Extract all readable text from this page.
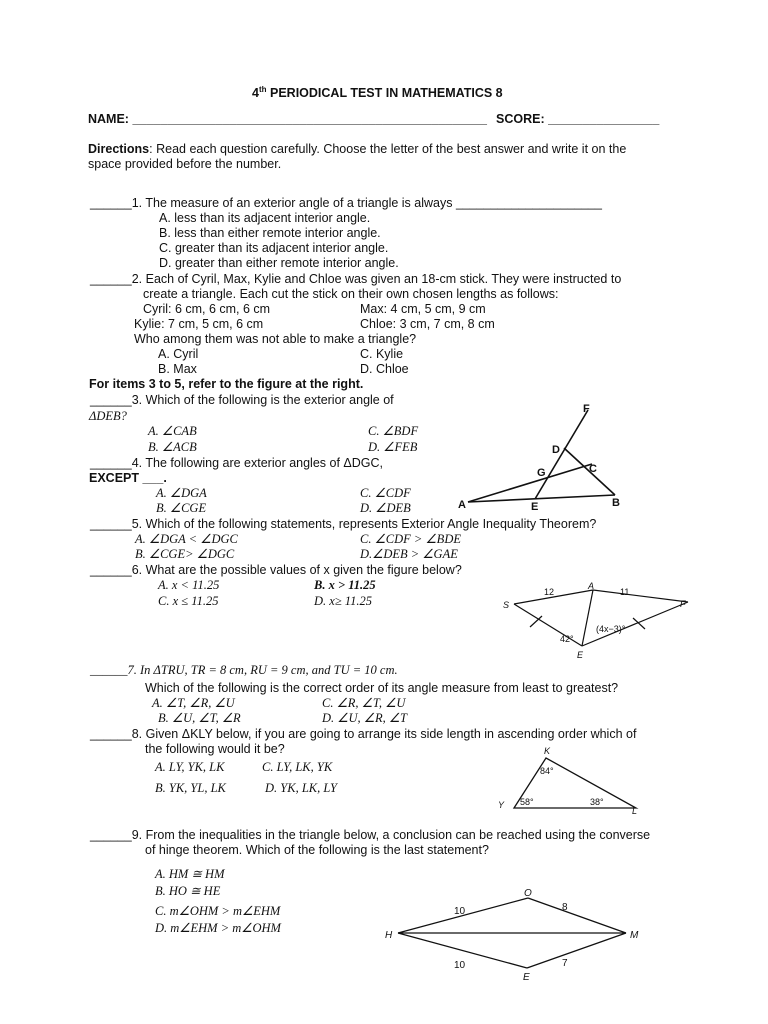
4th PERIODICAL TEST IN MATHEMATICS 8
NAME: ___________________________________________________ SCORE: ________________
Directions: Read each question carefully. Choose the letter of the best answer and write it on the
space provided before the number.
______1. The measure of an exterior angle of a triangle is always _____________________
A. less than its adjacent interior angle.
B. less than either remote interior angle.
C. greater than its adjacent interior angle.
D. greater than either remote interior angle.
______2. Each of Cyril, Max, Kylie and Chloe was given an 18-cm stick. They were instructed to
create a triangle. Each cut the stick on their own chosen lengths as follows:
Cyril: 6 cm, 6 cm, 6 cm	Max: 4 cm, 5 cm, 9 cm
Kylie: 7 cm, 5 cm, 6 cm	Chloe: 3 cm, 7 cm, 8 cm
Who among them was not able to make a triangle?
A. Cyril	C. Kylie
B. Max	D. Chloe
For items 3 to 5, refer to the figure at the right.
______3. Which of the following is the exterior angle of
ΔDEB?
A. ∠CAB	C. ∠BDF
B. ∠ACB	D. ∠FEB
______4. The following are exterior angles of ΔDGC,
EXCEPT ___.
A. ∠DGA	C. ∠CDF
B. ∠CGE	D. ∠DEB
______5. Which of the following statements, represents Exterior Angle Inequality Theorem?
A. ∠DGA < ∠DGC	C. ∠CDF > ∠BDE
B. ∠CGE> ∠DGC	D.∠DEB > ∠GAE
______6. What are the possible values of x given the figure below?
A. x < 11.25	B. x > 11.25
C. x ≤ 11.25	D. x≥ 11.25
______7. In ΔTRU, TR = 8 cm, RU = 9 cm, and TU = 10 cm.
Which of the following is the correct order of its angle measure from least to greatest?
A. ∠T, ∠R, ∠U	C. ∠R, ∠T, ∠U
B. ∠U, ∠T, ∠R	D. ∠U, ∠R, ∠T
______8. Given ΔKLY below, if you are going to arrange its side length in ascending order which of
the following would it be?
A. LY, YK, LK	C. LY, LK, YK
B. YK, YL, LK	D. YK, LK, LY
______9. From the inequalities in the triangle below, a conclusion can be reached using the converse
of hinge theorem. Which of the following is the last statement?
A. HM ≅ HM
B. HO ≅ HE
C. m∠OHM > m∠EHM
D. m∠EHM > m∠OHM
F
D
G	C
A	E	B
S
A
F
E
12	11
42°
(4x−3)°
K
Y
L
84°
58°	38°
O
H	M
E
10	8
10	7
